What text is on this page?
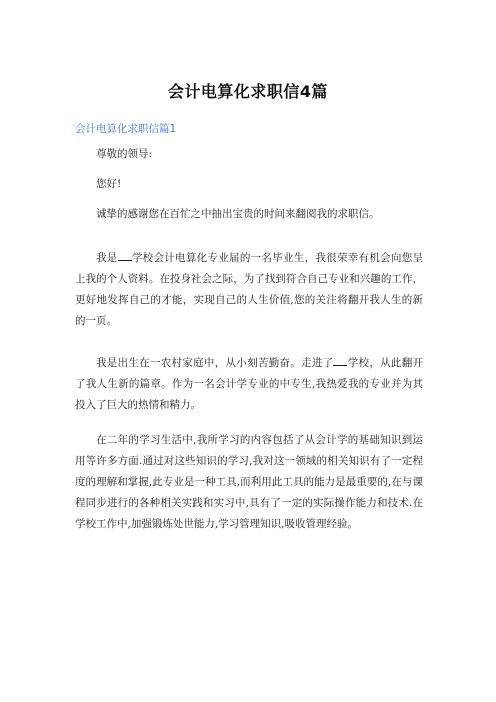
会计电算化求职信4篇
会计电算化求职信篇1

尊敬的领导:

您好!

诚挚的感谢您在百忙之中抽出宝贵的时间来翻阅我的求职信。

我是 学校会计电算化专业届的一名毕业生，我很荣幸有机会向您呈上我的个人资料。在投身社会之际，为了找到符合自己专业和兴趣的工作，更好地发挥自己的才能，实现自己的人生价值,您的关注将翻开我人生的新的一页。

我是出生在一农村家庭中，从小刻苦勤奋。走进了 学校，从此翻开了我人生新的篇章。作为一名会计学专业的中专生,我热爱我的专业并为其投入了巨大的热情和精力。

在二年的学习生活中,我所学习的内容包括了从会计学的基础知识到运用等许多方面.通过对这些知识的学习,我对这一领域的相关知识有了一定程度的理解和掌握,此专业是一种工具,而利用此工具的能力是最重要的,在与课程同步进行的各种相关实践和实习中,具有了一定的实际操作能力和技术.在学校工作中,加强锻炼处世能力,学习管理知识,吸收管理经验。
